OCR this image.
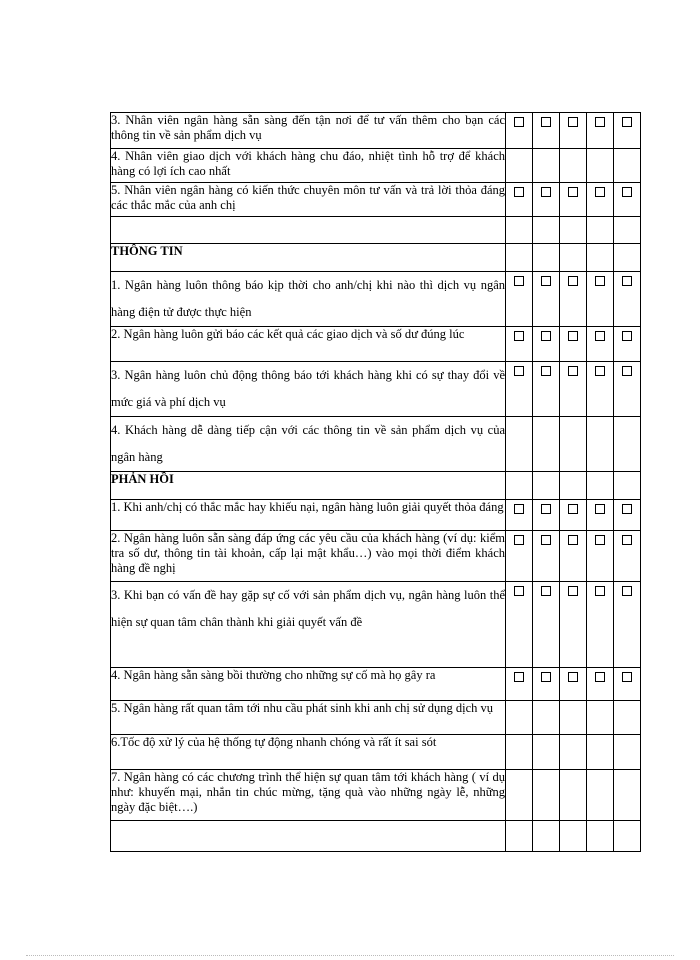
3. Nhân viên ngân hàng sẵn sàng đến tận nơi để tư vấn thêm cho bạn các thông tin về sản phẩm dịch vụ					
4. Nhân viên giao dịch với khách hàng chu đáo, nhiệt tình hỗ trợ để khách hàng có lợi ích cao nhất					
5. Nhân viên ngân hàng có kiến thức chuyên môn tư vấn và trả lời thỏa đáng các thắc mắc của anh chị					

THÔNG TIN					
1. Ngân hàng luôn thông báo kịp thời cho anh/chị khi nào thì dịch vụ ngân hàng điện tử được thực hiện					
2. Ngân hàng luôn gửi báo các kết quả các giao dịch và số dư đúng lúc					
3. Ngân hàng luôn chủ động thông báo tới khách hàng khi có sự thay đổi về mức giá và phí dịch vụ					
4. Khách hàng dễ dàng tiếp cận với các thông tin về sản phẩm dịch vụ của ngân hàng					
PHẢN HỒI					
1. Khi anh/chị có thắc mắc hay khiếu nại, ngân hàng luôn giải quyết thỏa đáng					
2. Ngân hàng luôn sẵn sàng đáp ứng các yêu cầu của khách hàng (ví dụ: kiểm tra số dư, thông tin tài khoản, cấp lại mật khẩu…) vào mọi thời điểm khách hàng đề nghị					
3. Khi bạn có vấn đề hay gặp sự cố với sản phẩm dịch vụ, ngân hàng luôn thể hiện sự quan tâm chân thành khi giải quyết vấn đề					
4. Ngân hàng sẵn sàng bồi thường cho những sự cố mà họ gây ra					
5. Ngân hàng rất quan tâm tới nhu cầu phát sinh khi anh chị sử dụng dịch vụ					
6.Tốc độ xử lý của hệ thống tự động nhanh chóng và rất ít sai sót					
7. Ngân hàng có các chương trình thể hiện sự quan tâm tới khách hàng ( ví dụ như: khuyến mại, nhắn tin chúc mừng, tặng quà vào những ngày lễ, những ngày đặc biệt….)					
